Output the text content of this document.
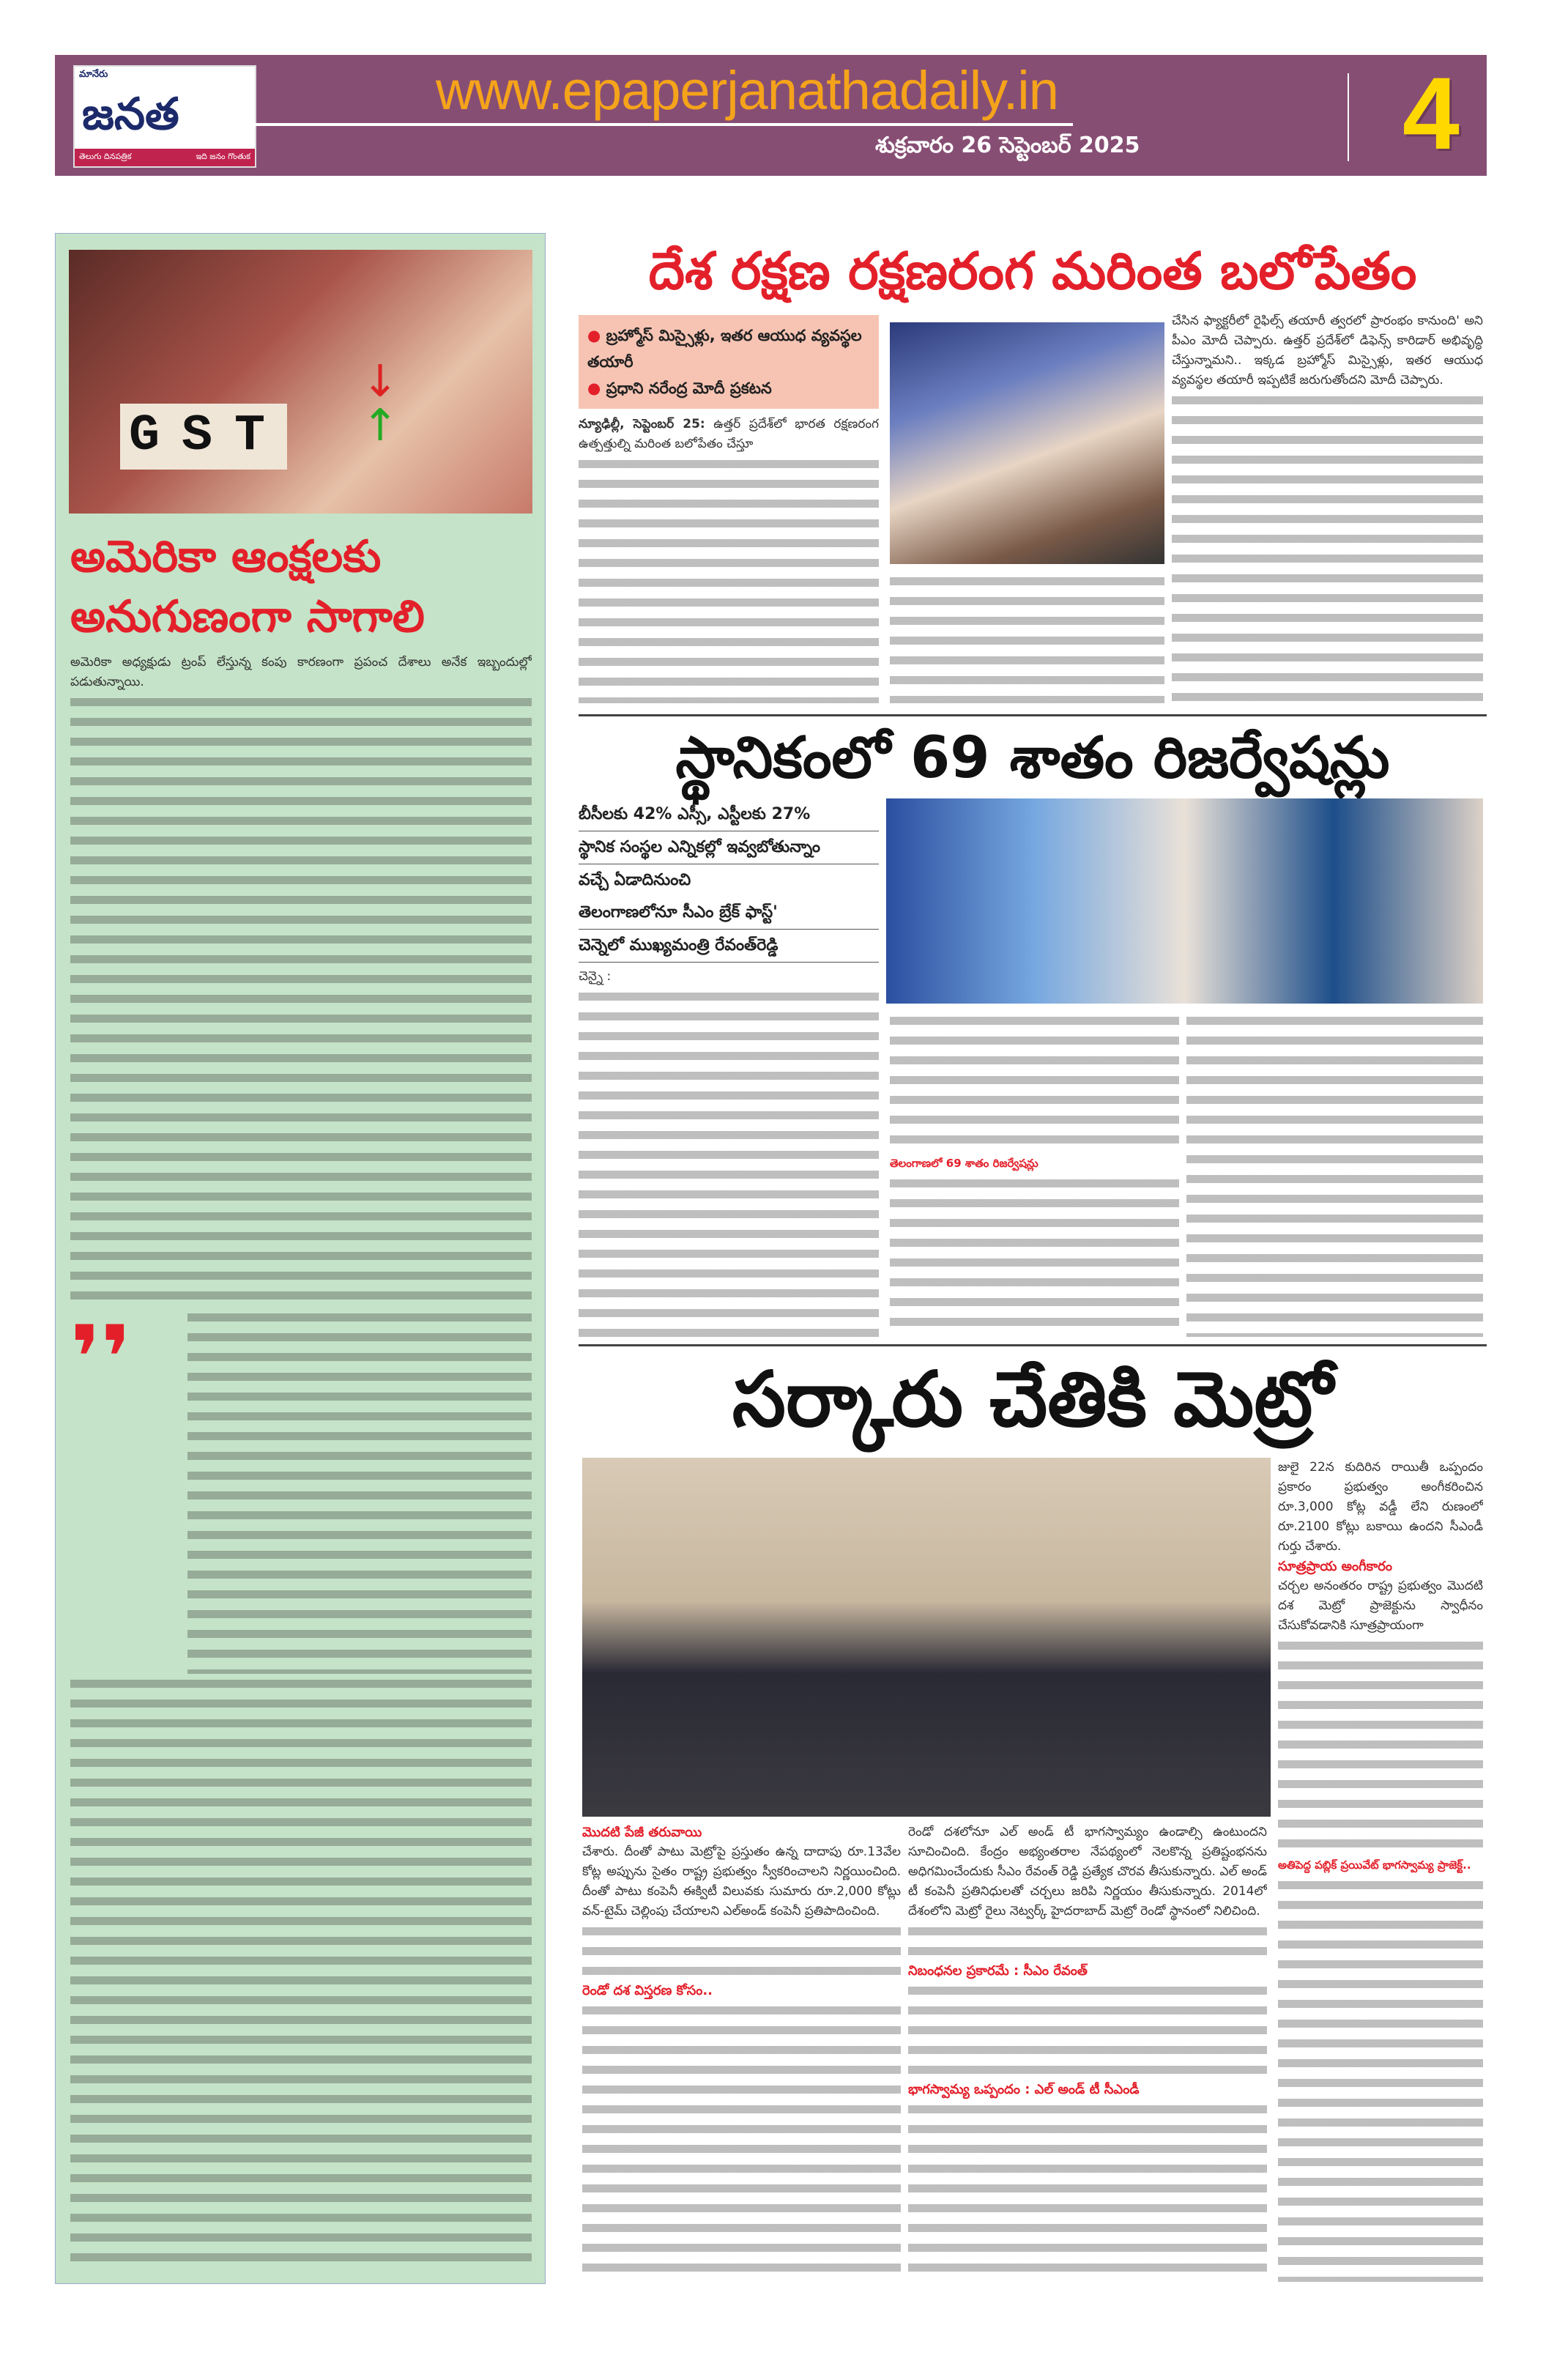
మానేరు
జనత
తెలుగు దినపత్రిక	ఇది జనం గొంతుక
www.epaperjanathadaily.in
శుక్రవారం 26 సెప్టెంబర్ 2025	4
GST
↓
↑
అమెరికా ఆంక్షలకు అనుగుణంగా సాగాలి
అమెరికా అధ్యక్షుడు ట్రంప్ లేస్తున్న కంపు కారణంగా ప్రపంచ దేశాలు అనేక ఇబ్బందుల్లో పడుతున్నాయి.
❜❜
దేశ రక్షణ రక్షణరంగ మరింత బలోపేతం
● బ్రహ్మోస్ మిస్సైళ్లు, ఇతర ఆయుధ వ్యవస్థల తయారీ
● ప్రధాని నరేంద్ర మోదీ ప్రకటన
న్యూఢిల్లీ, సెప్టెంబర్ 25: ఉత్తర్ ప్రదేశ్‌లో భారత రక్షణరంగ ఉత్పత్తుల్ని మరింత బలోపేతం చేస్తూ
చేసిన ఫ్యాక్టరీలో రైఫిల్స్ తయారీ త్వరలో ప్రారంభం కానుంది' అని పీఎం మోదీ చెప్పారు. ఉత్తర్ ప్రదేశ్‌లో డిఫెన్స్ కారిడార్ అభివృద్ధి చేస్తున్నామని.. ఇక్కడ బ్రహ్మోస్ మిస్సైళ్లు, ఇతర ఆయుధ వ్యవస్థల తయారీ ఇప్పటికే జరుగుతోందని మోదీ చెప్పారు.
స్థానికంలో 69 శాతం రిజర్వేషన్లు
బీసీలకు 42% ఎస్సీ, ఎస్టీలకు 27%
స్థానిక సంస్థల ఎన్నికల్లో ఇవ్వబోతున్నాం
వచ్చే ఏడాదినుంచి
తెలంగాణలోనూ సీఎం బ్రేక్ ఫాస్ట్'
చెన్నెలో ముఖ్యమంత్రి రేవంత్‌రెడ్డి
చెన్నై :
తెలంగాణలో 69 శాతం రిజర్వేషన్లు
సర్కారు చేతికి మెట్రో
జులై 22న కుదిరిన రాయితీ ఒప్పందం ప్రకారం ప్రభుత్వం అంగీకరించిన రూ.3,000 కోట్ల వడ్డీ లేని రుణంలో రూ.2100 కోట్లు బకాయి ఉందని సీఎండీ గుర్తు చేశారు.
సూత్రప్రాయ అంగీకారం
చర్చల అనంతరం రాష్ట్ర ప్రభుత్వం మొదటి దశ మెట్రో ప్రాజెక్టును స్వాధీనం చేసుకోవడానికి సూత్రప్రాయంగా
అతిపెద్ద పబ్లిక్ ప్రయివేట్ భాగస్వామ్య ప్రాజెక్ట్..
మొదటి పేజీ తరువాయి
చేశారు. దీంతో పాటు మెట్రోపై ప్రస్తుతం ఉన్న దాదాపు రూ.13వేల కోట్ల అప్పును సైతం రాష్ట్ర ప్రభుత్వం స్వీకరించాలని నిర్ణయించింది. దీంతో పాటు కంపెనీ ఈక్విటీ విలువకు సుమారు రూ.2,000 కోట్లు వన్-టైమ్ చెల్లింపు చేయాలని ఎల్అండ్ కంపెనీ ప్రతిపాదించింది.
రెండో దశ విస్తరణ కోసం..
రెండో దశలోనూ ఎల్ అండ్ టీ భాగస్వామ్యం ఉండాల్సి ఉంటుందని సూచించింది. కేంద్రం అభ్యంతరాల నేపథ్యంలో నెలకొన్న ప్రతిష్టంభనను అధిగమించేందుకు సీఎం రేవంత్ రెడ్డి ప్రత్యేక చొరవ తీసుకున్నారు. ఎల్ అండ్ టీ కంపెనీ ప్రతినిధులతో చర్చలు జరిపి నిర్ణయం తీసుకున్నారు. 2014లో దేశంలోని మెట్రో రైలు నెట్వర్క్ హైదరాబాద్ మెట్రో రెండో స్థానంలో నిలిచింది.
నిబంధనల ప్రకారమే : సీఎం రేవంత్
భాగస్వామ్య ఒప్పందం : ఎల్ అండ్ టీ సీఎండీ
